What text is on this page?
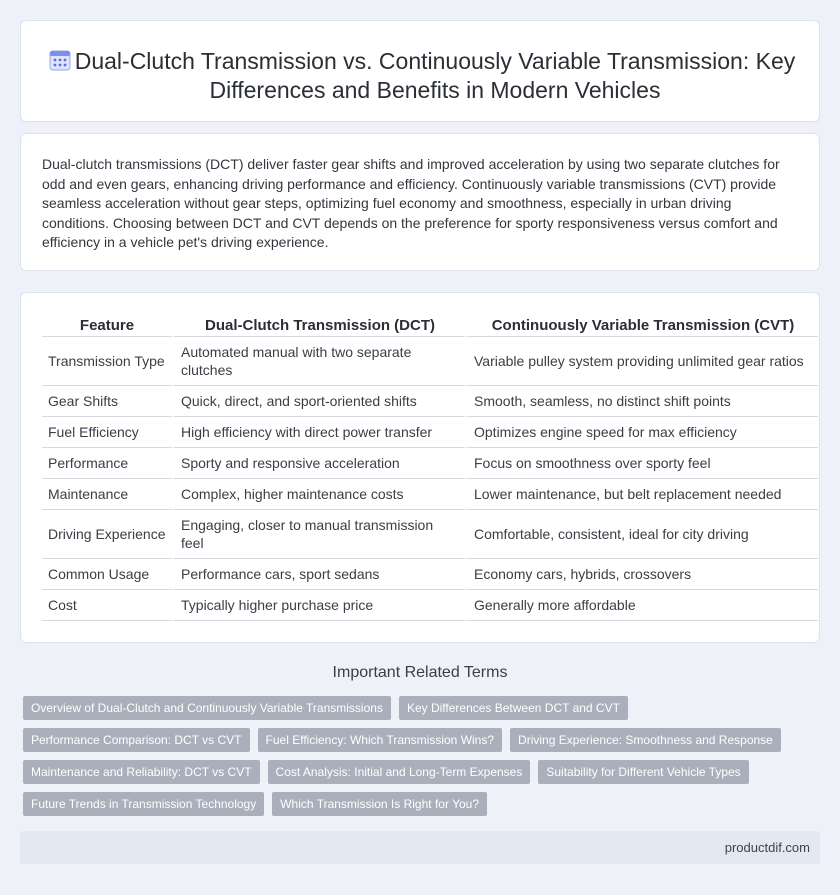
Dual-Clutch Transmission vs. Continuously Variable Transmission: Key Differences and Benefits in Modern Vehicles

Dual-clutch transmissions (DCT) deliver faster gear shifts and improved acceleration by using two separate clutches for odd and even gears, enhancing driving performance and efficiency. Continuously variable transmissions (CVT) provide seamless acceleration without gear steps, optimizing fuel economy and smoothness, especially in urban driving conditions. Choosing between DCT and CVT depends on the preference for sporty responsiveness versus comfort and efficiency in a vehicle pet's driving experience.

Feature	Dual-Clutch Transmission (DCT)	Continuously Variable Transmission (CVT)
Transmission Type	Automated manual with two separate clutches	Variable pulley system providing unlimited gear ratios
Gear Shifts	Quick, direct, and sport-oriented shifts	Smooth, seamless, no distinct shift points
Fuel Efficiency	High efficiency with direct power transfer	Optimizes engine speed for max efficiency
Performance	Sporty and responsive acceleration	Focus on smoothness over sporty feel
Maintenance	Complex, higher maintenance costs	Lower maintenance, but belt replacement needed
Driving Experience	Engaging, closer to manual transmission feel	Comfortable, consistent, ideal for city driving
Common Usage	Performance cars, sport sedans	Economy cars, hybrids, crossovers
Cost	Typically higher purchase price	Generally more affordable
Important Related Terms
Overview of Dual-Clutch and Continuously Variable Transmissions	Key Differences Between DCT and CVT
Performance Comparison: DCT vs CVT	Fuel Efficiency: Which Transmission Wins?	Driving Experience: Smoothness and Response
Maintenance and Reliability: DCT vs CVT	Cost Analysis: Initial and Long-Term Expenses	Suitability for Different Vehicle Types
Future Trends in Transmission Technology	Which Transmission Is Right for You?
productdif.com
